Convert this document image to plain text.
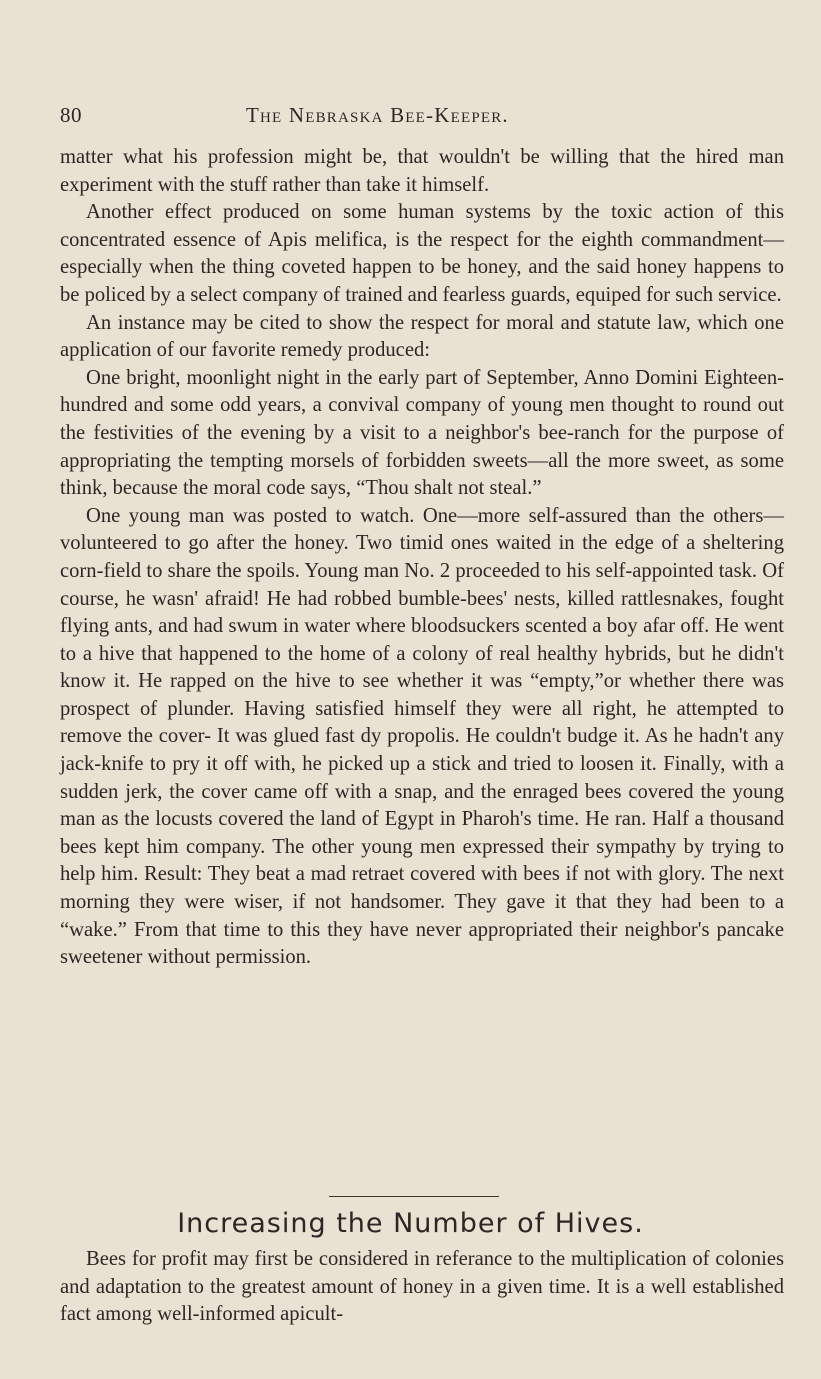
80	The Nebraska Bee-Keeper.

matter what his profession might be, that wouldn't be willing that the hired man experiment with the stuff rather than take it himself.

Another effect produced on some human systems by the toxic action of this concentrated essence of Apis melifica, is the respect for the eighth commandment—especially when the thing coveted happen to be honey, and the said honey happens to be policed by a select company of trained and fearless guards, equiped for such service.

An instance may be cited to show the respect for moral and statute law, which one application of our favorite remedy produced:

One bright, moonlight night in the early part of September, Anno Domini Eighteen-hundred and some odd years, a convival company of young men thought to round out the festivities of the evening by a visit to a neighbor's bee-ranch for the purpose of appropriating the tempting morsels of forbidden sweets—all the more sweet, as some think, because the moral code says, “Thou shalt not steal.”

One young man was posted to watch. One—more self-assured than the others—volunteered to go after the honey. Two timid ones waited in the edge of a sheltering corn-field to share the spoils. Young man No. 2 proceeded to his self-appointed task. Of course, he wasn' afraid! He had robbed bumble-bees' nests, killed rattlesnakes, fought flying ants, and had swum in water where bloodsuckers scented a boy afar off. He went to a hive that happened to the home of a colony of real healthy hybrids, but he didn't know it. He rapped on the hive to see whether it was “empty,”or whether there was prospect of plunder. Having satisfied himself they were all right, he attempted to remove the cover- It was glued fast dy propolis. He couldn't budge it. As he hadn't any jack-knife to pry it off with, he picked up a stick and tried to loosen it. Finally, with a sudden jerk, the cover came off with a snap, and the enraged bees covered the young man as the locusts covered the land of Egypt in Pharoh's time. He ran. Half a thousand bees kept him company. The other young men expressed their sympathy by trying to help him. Result: They beat a mad retraet covered with bees if not with glory. The next morning they were wiser, if not handsomer. They gave it that they had been to a “wake.” From that time to this they have never appropriated their neighbor's pancake sweetener without permission.

Increasing the Number of Hives.

Bees for profit may first be considered in referance to the multiplication of colonies and adaptation to the greatest amount of honey in a given time. It is a well established fact among well-informed apicult-
